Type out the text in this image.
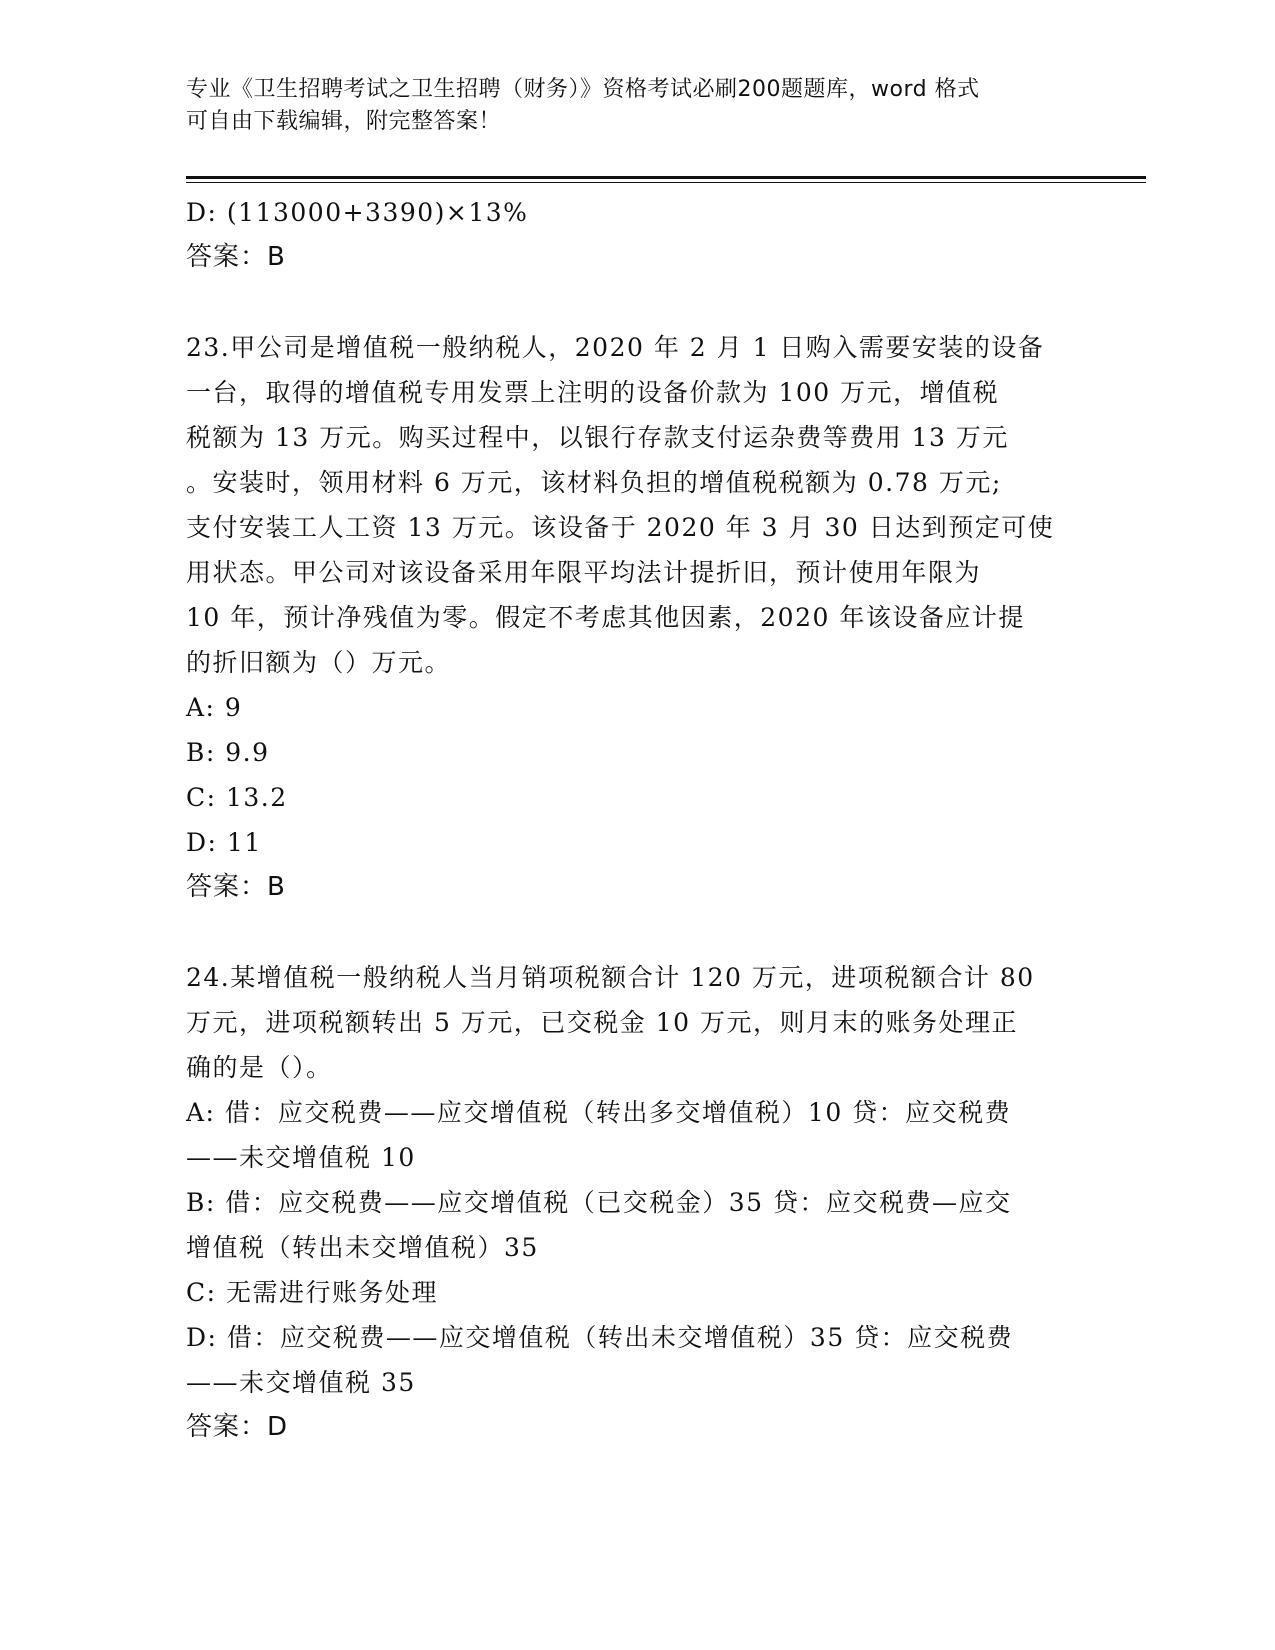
专业《卫生招聘考试之卫生招聘（财务）》资格考试必刷200题题库，word 格式
可自由下载编辑，附完整答案！
D: (113000+3390)×13%
答案：B
23.甲公司是增值税一般纳税人，2020 年 2 月 1 日购入需要安装的设备
一台，取得的增值税专用发票上注明的设备价款为 100 万元，增值税
税额为 13 万元。购买过程中，以银行存款支付运杂费等费用 13 万元
。安装时，领用材料 6 万元，该材料负担的增值税税额为 0.78 万元;
支付安装工人工资 13 万元。该设备于 2020 年 3 月 30 日达到预定可使
用状态。甲公司对该设备采用年限平均法计提折旧，预计使用年限为
10 年，预计净残值为零。假定不考虑其他因素，2020 年该设备应计提
的折旧额为（）万元。
A: 9
B: 9.9
C: 13.2
D: 11
答案：B
24.某增值税一般纳税人当月销项税额合计 120 万元，进项税额合计 80
万元，进项税额转出 5 万元，已交税金 10 万元，则月末的账务处理正
确的是（）。
A: 借：应交税费——应交增值税（转出多交增值税）10 贷：应交税费
——未交增值税 10
B: 借：应交税费——应交增值税（已交税金）35 贷：应交税费—应交
增值税（转出未交增值税）35
C: 无需进行账务处理
D: 借：应交税费——应交增值税（转出未交增值税）35 贷：应交税费
——未交增值税 35
答案：D
